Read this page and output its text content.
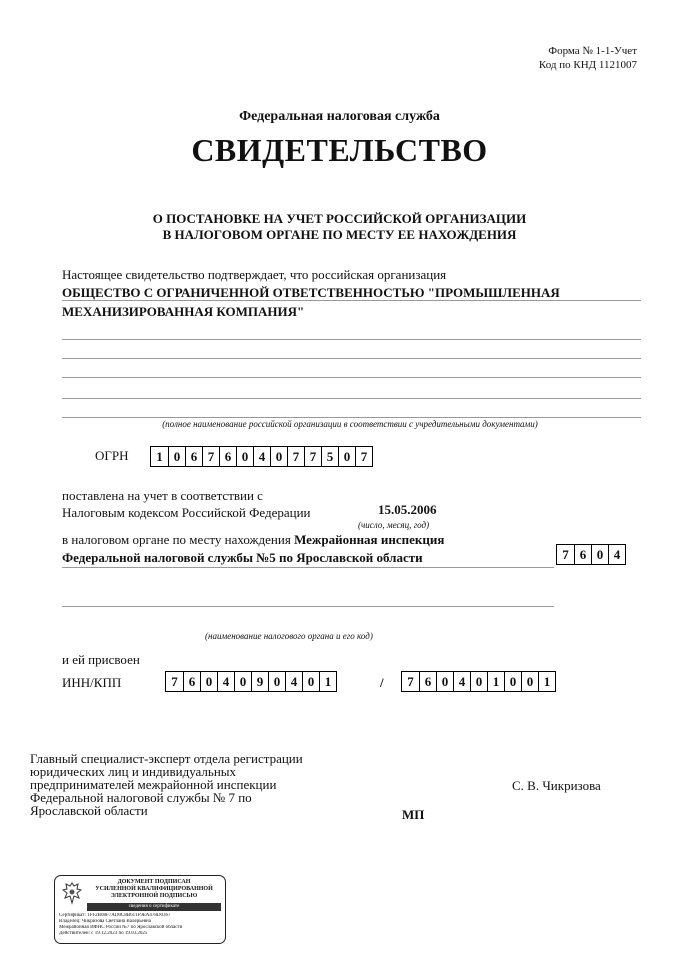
Форма № 1-1-Учет
Код по КНД 1121007
Федеральная налоговая служба
СВИДЕТЕЛЬСТВО
О ПОСТАНОВКЕ НА УЧЕТ РОССИЙСКОЙ ОРГАНИЗАЦИИ
В НАЛОГОВОМ ОРГАНЕ ПО МЕСТУ ЕЕ НАХОЖДЕНИЯ
Настоящее свидетельство подтверждает, что российская организация
ОБЩЕСТВО С ОГРАНИЧЕННОЙ ОТВЕТСТВЕННОСТЬЮ "ПРОМЫШЛЕННАЯ
МЕХАНИЗИРОВАННАЯ КОМПАНИЯ"
(полное наименование российской организации в соответствии с учредительными документами)
ОГРН	1 0 6 7 6 0 4 0 7 7 5 0 7
поставлена на учет в соответствии с
Налоговым кодексом Российской Федерации	15.05.2006
(число, месяц, год)
в налоговом органе по месту нахождения Межрайонная инспекция
Федеральной налоговой службы №5 по Ярославской области	7 6 0 4
(наименование налогового органа и его код)
и ей присвоен
ИНН/КПП	7 6 0 4 0 9 0 4 0 1	/	7 6 0 4 0 1 0 0 1
Главный специалист-эксперт отдела регистрации
юридических лиц и индивидуальных
предпринимателей межрайонной инспекции
Федеральной налоговой службы № 7 по
Ярославской области
С. В. Чикризова
МП
ДОКУМЕНТ ПОДПИСАН
УСИЛЕННОЙ КВАЛИФИЦИРОВАННОЙ
ЭЛЕКТРОННОЙ ПОДПИСЬЮ
сведения о сертификате
Сертификат: 1FF2B08F7AD0C8B611F9EA478D0367
Владелец: Чикризова Светлана Валерьевна
Межрайонная ИФНС России №7 по Ярославской области
Действителен: с 19.12.2023 по 19.03.2025
